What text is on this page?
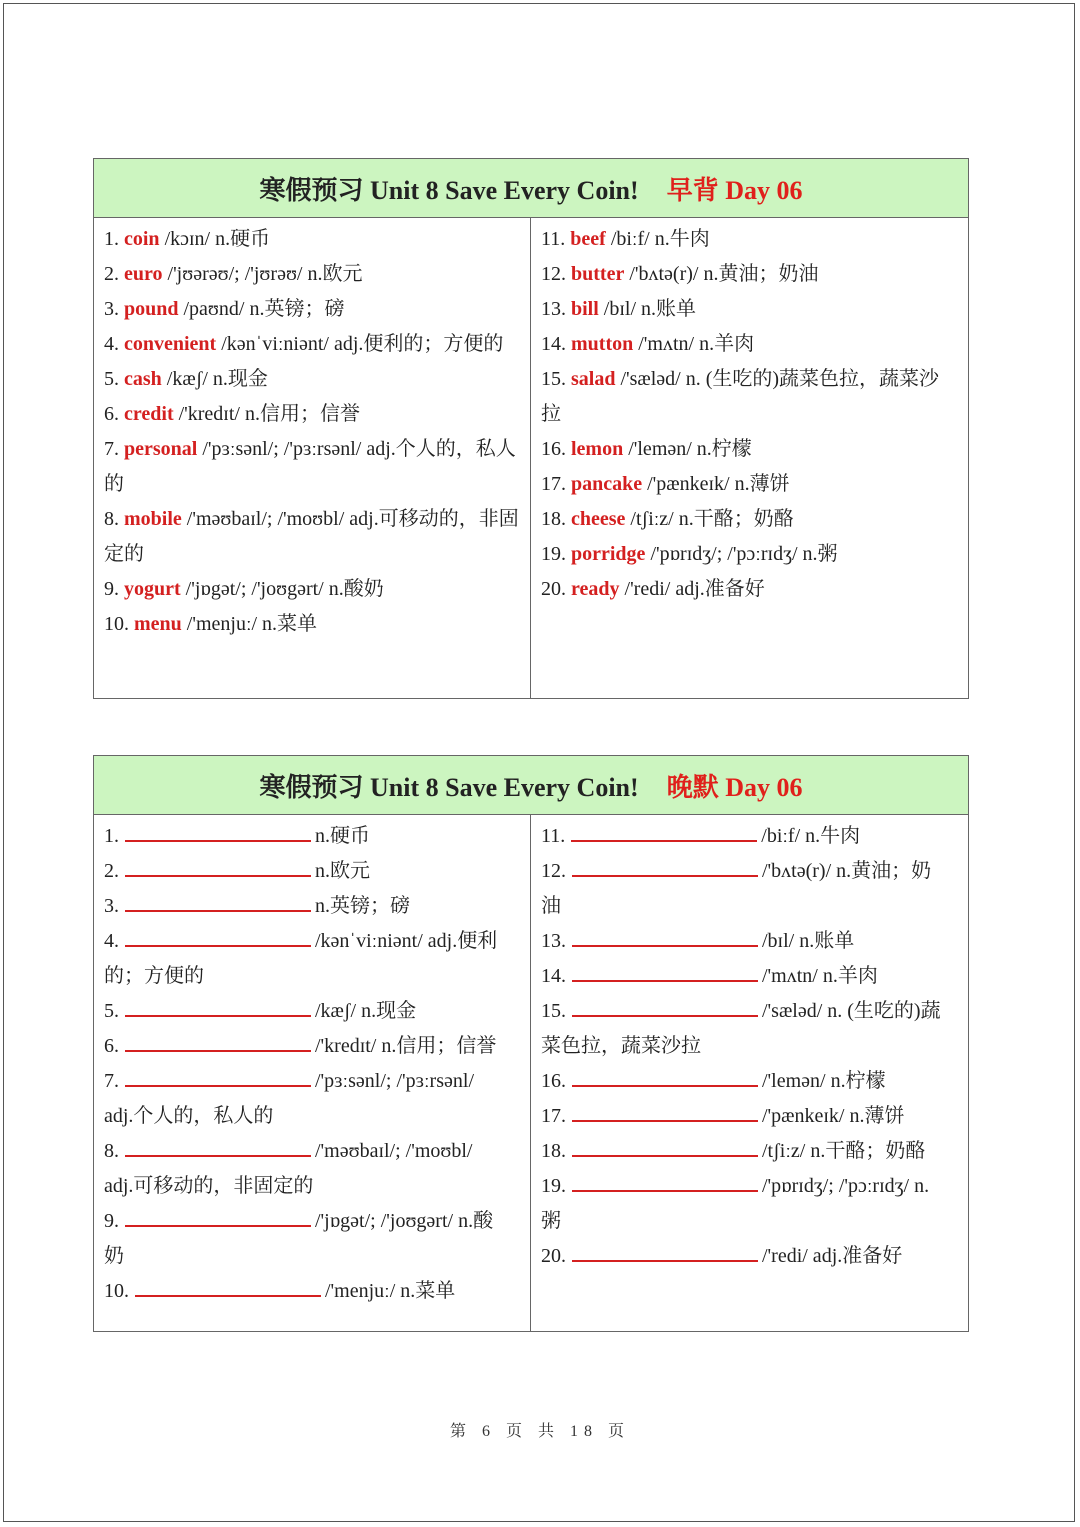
寒假预习 Unit 8 Save Every Coin! 早背 Day 06
1. coin /kɔɪn/ n.硬币
2. euro /'jʊərəʊ/; /'jʊrəʊ/ n.欧元
3. pound /paʊnd/ n.英镑；磅
4. convenient /kənˈviːniənt/ adj.便利的；方便的
5. cash /kæʃ/ n.现金
6. credit /'kredɪt/ n.信用；信誉
7. personal /'pɜːsənl/; /'pɜːrsənl/ adj.个人的，私人的
8. mobile /'məʊbaɪl/; /'moʊbl/ adj.可移动的，非固定的
9. yogurt /'jɒgət/; /'joʊgərt/ n.酸奶
10. menu /'menjuː/ n.菜单
11. beef /biːf/ n.牛肉
12. butter /'bʌtə(r)/ n.黄油；奶油
13. bill /bɪl/ n.账单
14. mutton /'mʌtn/ n.羊肉
15. salad /'sæləd/ n. (生吃的)蔬菜色拉，蔬菜沙拉
16. lemon /'lemən/ n.柠檬
17. pancake /'pænkeɪk/ n.薄饼
18. cheese /tʃiːz/ n.干酪；奶酪
19. porridge /'pɒrɪdʒ/; /'pɔːrɪdʒ/ n.粥
20. ready /'redi/ adj.准备好
寒假预习 Unit 8 Save Every Coin! 晚默 Day 06
1.	n.硬币
2.	n.欧元
3.	n.英镑；磅
4.	/kənˈviːniənt/ adj.便利
的；方便的
5.	/kæʃ/ n.现金
6.	/'kredɪt/ n.信用；信誉
7.	/'pɜːsənl/; /'pɜːrsənl/
adj.个人的，私人的
8.	/'məʊbaɪl/; /'moʊbl/
adj.可移动的，非固定的
9.	/'jɒgət/; /'joʊgərt/ n.酸
奶
10.	/'menjuː/ n.菜单
11.	/biːf/ n.牛肉
12.	/'bʌtə(r)/ n.黄油；奶
油
13.	/bɪl/ n.账单
14.	/'mʌtn/ n.羊肉
15.	/'sæləd/ n. (生吃的)蔬
菜色拉，蔬菜沙拉
16.	/'lemən/ n.柠檬
17.	/'pænkeɪk/ n.薄饼
18.	/tʃiːz/ n.干酪；奶酪
19.	/'pɒrɪdʒ/; /'pɔːrɪdʒ/ n.
粥
20.	/'redi/ adj.准备好
第 6 页 共 18 页
